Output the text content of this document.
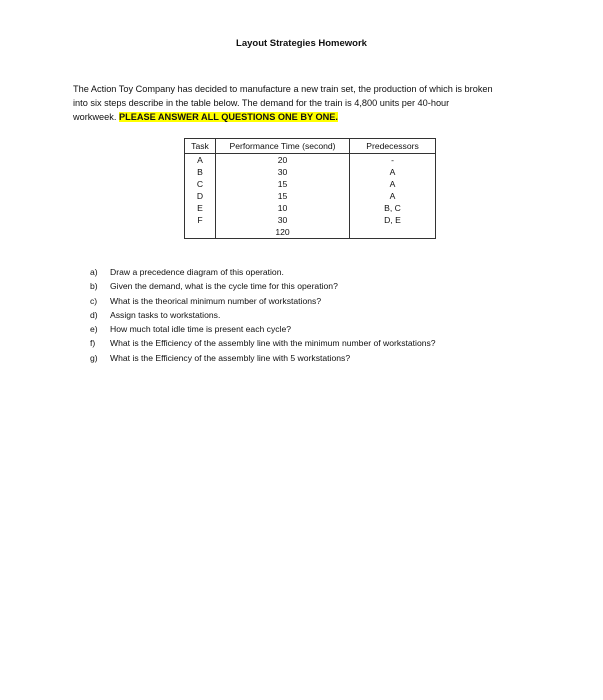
Layout Strategies Homework
The Action Toy Company has decided to manufacture a new train set, the production of which is broken
into six steps describe in the table below. The demand for the train is 4,800 units per 40-hour
workweek. PLEASE ANSWER ALL QUESTIONS ONE BY ONE.
Task	Performance Time (second)	Predecessors
A	20	-
B	30	A
C	15	A
D	15	A
E	10	B, C
F	30	D, E
	120	
a) Draw a precedence diagram of this operation.
b) Given the demand, what is the cycle time for this operation?
c) What is the theorical minimum number of workstations?
d) Assign tasks to workstations.
e) How much total idle time is present each cycle?
f) What is the Efficiency of the assembly line with the minimum number of workstations?
g) What is the Efficiency of the assembly line with 5 workstations?
